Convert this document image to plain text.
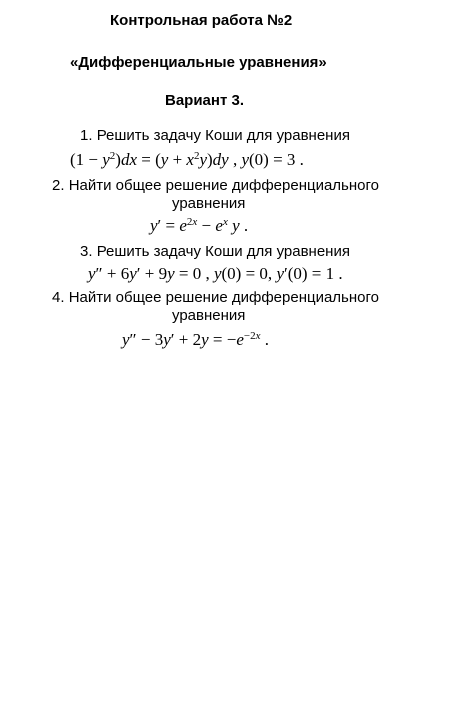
Контрольная работа №2
«Дифференциальные уравнения»
Вариант 3.
1. Решить задачу Коши для уравнения
$(1 - y^2)dx = (y + x^2y)dy$ , y(0) = 3 .
2. Найти общее решение дифференциального
уравнения
$y' = e^{2x} - e^x$ y .
3. Решить задачу Коши для уравнения
y″ + 6y′ + 9y = 0 , y(0) = 0, y′(0) = 1 .
4. Найти общее решение дифференциального
уравнения
$y'' - 3y' + 2y = -e^{-2x}$ .
